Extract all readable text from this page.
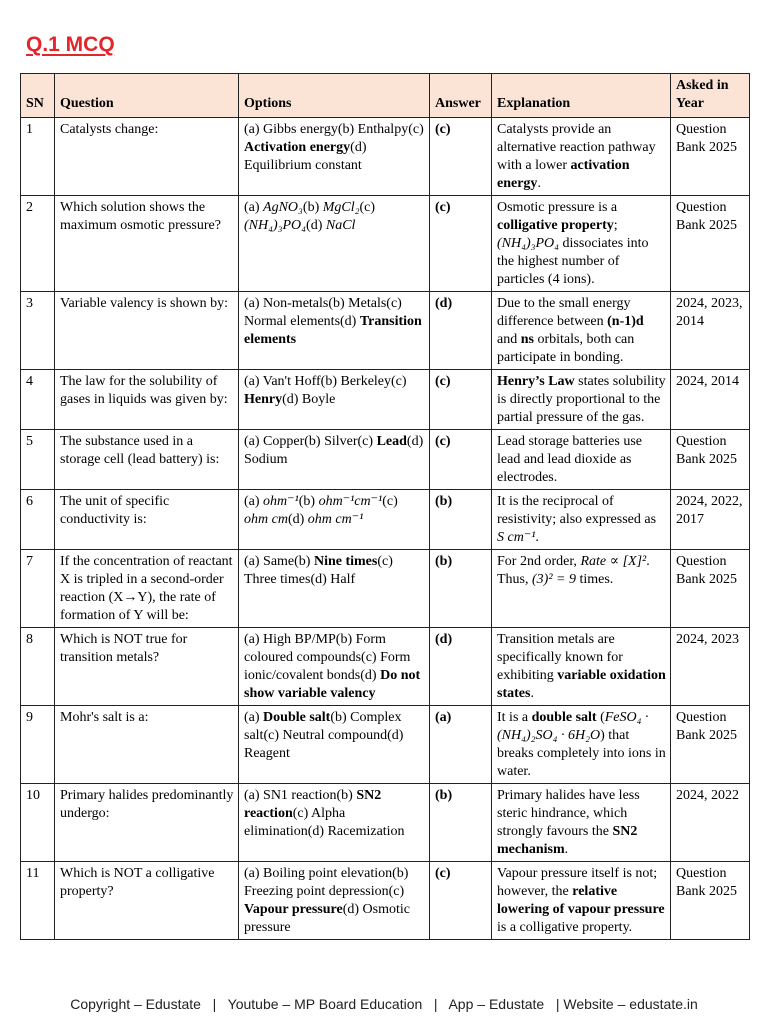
Q.1 MCQ
SN	Question	Options	Answer	Explanation	Asked in Year
1	Catalysts change:	(a) Gibbs energy(b) Enthalpy(c) Activation energy(d) Equilibrium constant	(c)	Catalysts provide an alternative reaction pathway with a lower activation energy.	Question Bank 2025
2	Which solution shows the maximum osmotic pressure?	(a) AgNO₃(b) MgCl₂(c) (NH₄)₃PO₄(d) NaCl	(c)	Osmotic pressure is a colligative property; (NH₄)₃PO₄ dissociates into the highest number of particles (4 ions).	Question Bank 2025
3	Variable valency is shown by:	(a) Non-metals(b) Metals(c) Normal elements(d) Transition elements	(d)	Due to the small energy difference between (n-1)d and ns orbitals, both can participate in bonding.	2024, 2023, 2014
4	The law for the solubility of gases in liquids was given by:	(a) Van't Hoff(b) Berkeley(c) Henry(d) Boyle	(c)	Henry’s Law states solubility is directly proportional to the partial pressure of the gas.	2024, 2014
5	The substance used in a storage cell (lead battery) is:	(a) Copper(b) Silver(c) Lead(d) Sodium	(c)	Lead storage batteries use lead and lead dioxide as electrodes.	Question Bank 2025
6	The unit of specific conductivity is:	(a) ohm⁻¹(b) ohm⁻¹cm⁻¹(c) ohm cm(d) ohm cm⁻¹	(b)	It is the reciprocal of resistivity; also expressed as S cm⁻¹.	2024, 2022, 2017
7	If the concentration of reactant X is tripled in a second-order reaction (X→Y), the rate of formation of Y will be:	(a) Same(b) Nine times(c) Three times(d) Half	(b)	For 2nd order, Rate ∝ [X]². Thus, (3)² = 9 times.	Question Bank 2025
8	Which is NOT true for transition metals?	(a) High BP/MP(b) Form coloured compounds(c) Form ionic/covalent bonds(d) Do not show variable valency	(d)	Transition metals are specifically known for exhibiting variable oxidation states.	2024, 2023
9	Mohr's salt is a:	(a) Double salt(b) Complex salt(c) Neutral compound(d) Reagent	(a)	It is a double salt (FeSO₄ · (NH₄)₂SO₄ · 6H₂O) that breaks completely into ions in water.	Question Bank 2025
10	Primary halides predominantly undergo:	(a) SN1 reaction(b) SN2 reaction(c) Alpha elimination(d) Racemization	(b)	Primary halides have less steric hindrance, which strongly favours the SN2 mechanism.	2024, 2022
11	Which is NOT a colligative property?	(a) Boiling point elevation(b) Freezing point depression(c) Vapour pressure(d) Osmotic pressure	(c)	Vapour pressure itself is not; however, the relative lowering of vapour pressure is a colligative property.	Question Bank 2025
Copyright – Edustate   |   Youtube – MP Board Education   |   App – Edustate   | Website – edustate.in
